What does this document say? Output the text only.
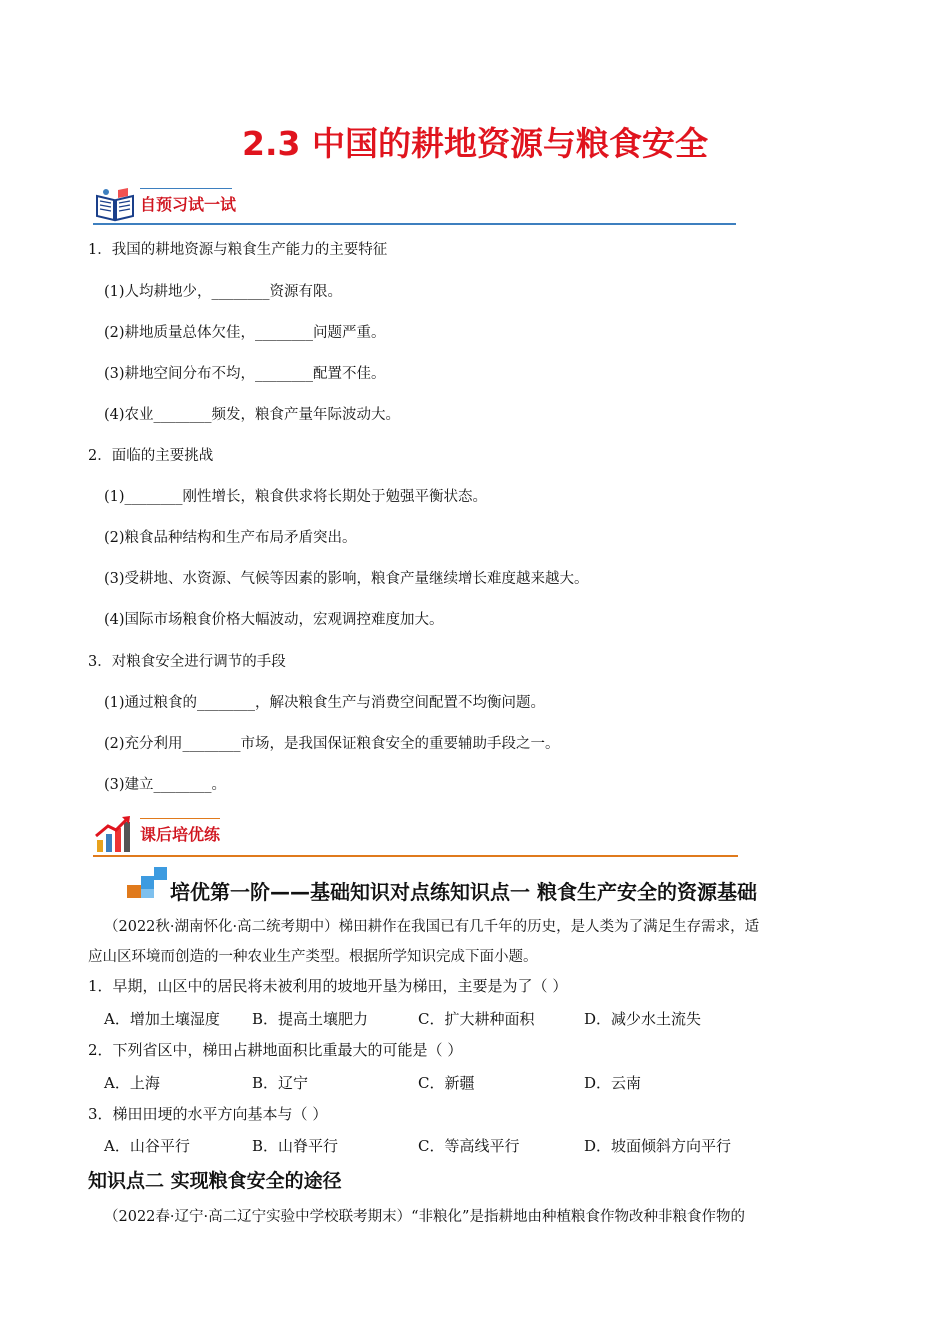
2.3 中国的耕地资源与粮食安全
自预习试一试
1．我国的耕地资源与粮食生产能力的主要特征
(1)人均耕地少，________资源有限。
(2)耕地质量总体欠佳，________问题严重。
(3)耕地空间分布不均，________配置不佳。
(4)农业________频发，粮食产量年际波动大。
2．面临的主要挑战
(1)________刚性增长，粮食供求将长期处于勉强平衡状态。
(2)粮食品种结构和生产布局矛盾突出。
(3)受耕地、水资源、气候等因素的影响，粮食产量继续增长难度越来越大。
(4)国际市场粮食价格大幅波动，宏观调控难度加大。
3．对粮食安全进行调节的手段
(1)通过粮食的________，解决粮食生产与消费空间配置不均衡问题。
(2)充分利用________市场，是我国保证粮食安全的重要辅助手段之一。
(3)建立________。
课后培优练
培优第一阶——基础知识对点练知识点一 粮食生产安全的资源基础
（2022秋·湖南怀化·高二统考期中）梯田耕作在我国已有几千年的历史，是人类为了满足生存需求，适
应山区环境而创造的一种农业生产类型。根据所学知识完成下面小题。
1．早期，山区中的居民将未被利用的坡地开垦为梯田，主要是为了（ ）
A．增加土壤湿度 B．提高土壤肥力	C．扩大耕种面积	D．减少水土流失
2．下列省区中，梯田占耕地面积比重最大的可能是（ ）
A．上海	B．辽宁	C．新疆	D．云南
3．梯田田埂的水平方向基本与（ ）
A．山谷平行	B．山脊平行	C．等高线平行	D．坡面倾斜方向平行
知识点二 实现粮食安全的途径
（2022春·辽宁·高二辽宁实验中学校联考期末）“非粮化”是指耕地由种植粮食作物改种非粮食作物的
